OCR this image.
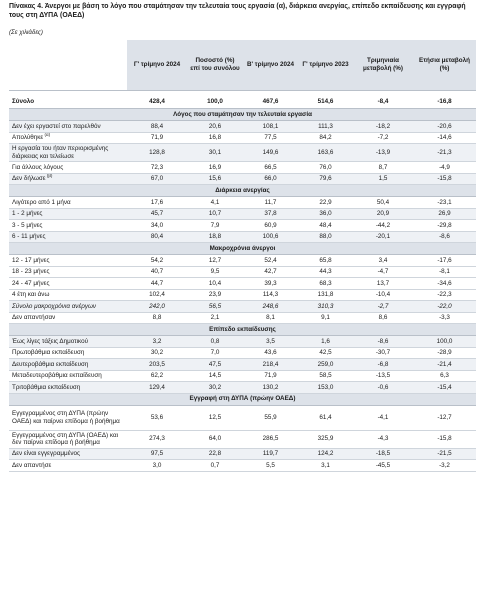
Πίνακας 4. Άνεργοι με βάση το λόγο που σταμάτησαν την τελευταία τους εργασία (α), διάρκεια ανεργίας, επίπεδο εκπαίδευσης και εγγραφή τους στη ΔΥΠΑ (ΟΑΕΔ)
(Σε χιλιάδες)
	Γ' τρίμηνο 2024	Ποσοστό (%) επί του συνόλου	Β' τρίμηνο 2024	Γ' τρίμηνο 2023	Τριμηνιαία μεταβολή (%)	Ετήσια μεταβολή (%)

Σύνολο	428,4	100,0	467,6	514,6	-8,4	-16,8
Λόγος που σταμάτησαν την τελευταία εργασία						
Δεν έχει εργαστεί στο παρελθόν	88,4	20,6	108,1	111,3	-18,2	-20,6
Απολύθηκε $^{(\alpha)}$	71,9	16,8	77,5	84,2	-7,2	-14,6
Η εργασία του ήταν περιορισμένης διάρκειας και τελείωσε	128,8	30,1	149,6	163,6	-13,9	-21,3
Για άλλους λόγους	72,3	16,9	66,5	76,0	8,7	-4,9
Δεν δήλωσε $^{(\beta)}$	67,0	15,6	66,0	79,6	1,5	-15,8
Διάρκεια ανεργίας						
Λιγότερο από 1 μήνα	17,6	4,1	11,7	22,9	50,4	-23,1
1 - 2 μήνες	45,7	10,7	37,8	36,0	20,9	26,9
3 - 5 μήνες	34,0	7,9	60,9	48,4	-44,2	-29,8
6 - 11 μήνες	80,4	18,8	100,6	88,0	-20,1	-8,6
Μακροχρόνια άνεργοι						
12 - 17 μήνες	54,2	12,7	52,4	65,8	3,4	-17,6
18 - 23 μήνες	40,7	9,5	42,7	44,3	-4,7	-8,1
24 - 47 μήνες	44,7	10,4	39,3	68,3	13,7	-34,6
4 έτη και άνω	102,4	23,9	114,3	131,8	-10,4	-22,3
Σύνολο μακροχρόνια ανέργων	242,0	56,5	248,6	310,3	-2,7	-22,0
Δεν απαντήσαν	8,8	2,1	8,1	9,1	8,6	-3,3
Επίπεδο εκπαίδευσης						
Έως λίγες τάξεις Δημοτικού	3,2	0,8	3,5	1,6	-8,6	100,0
Πρωτοβάθμια εκπαίδευση	30,2	7,0	43,6	42,5	-30,7	-28,9
Δευτεροβάθμια εκπαίδευση	203,5	47,5	218,4	259,0	-6,8	-21,4
Μεταδευτεροβάθμια εκπαίδευση	62,2	14,5	71,9	58,5	-13,5	6,3
Τριτοβάθμια εκπαίδευση	129,4	30,2	130,2	153,0	-0,6	-15,4
Εγγραφή στη ΔΥΠΑ (πρώην ΟΑΕΔ)						
Εγγεγραμμένος στη ΔΥΠΑ (πρώην ΟΑΕΔ) και παίρνει επίδομα ή βοήθημα	53,6	12,5	55,9	61,4	-4,1	-12,7
Εγγεγραμμένος στη ΔΥΠΑ (ΟΑΕΔ) και δεν παίρνει επίδομα ή βοήθημα	274,3	64,0	286,5	325,9	-4,3	-15,8
Δεν είναι εγγεγραμμένος	97,5	22,8	119,7	124,2	-18,5	-21,5
Δεν απαντήσε	3,0	0,7	5,5	3,1	-45,5	-3,2
